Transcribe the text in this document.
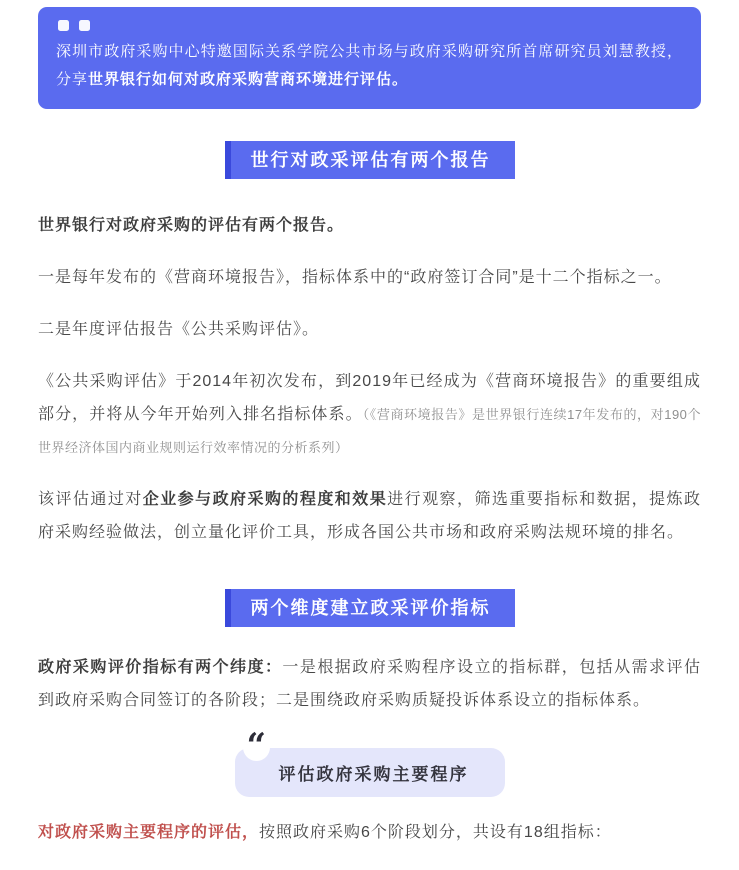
深圳市政府采购中心特邀国际关系学院公共市场与政府采购研究所首席研究员刘慧教授，分享世界银行如何对政府采购营商环境进行评估。

世行对政采评估有两个报告

世界银行对政府采购的评估有两个报告。

一是每年发布的《营商环境报告》，指标体系中的“政府签订合同”是十二个指标之一。

二是年度评估报告《公共采购评估》。

《公共采购评估》于2014年初次发布，到2019年已经成为《营商环境报告》的重要组成部分，并将从今年开始列入排名指标体系。（《营商环境报告》是世界银行连续17年发布的，对190个世界经济体国内商业规则运行效率情况的分析系列）

该评估通过对企业参与政府采购的程度和效果进行观察，筛选重要指标和数据，提炼政府采购经验做法，创立量化评价工具，形成各国公共市场和政府采购法规环境的排名。

两个维度建立政采评价指标

政府采购评价指标有两个纬度：一是根据政府采购程序设立的指标群，包括从需求评估到政府采购合同签订的各阶段；二是围绕政府采购质疑投诉体系设立的指标体系。

“
评估政府采购主要程序

对政府采购主要程序的评估，按照政府采购6个阶段划分，共设有18组指标：
